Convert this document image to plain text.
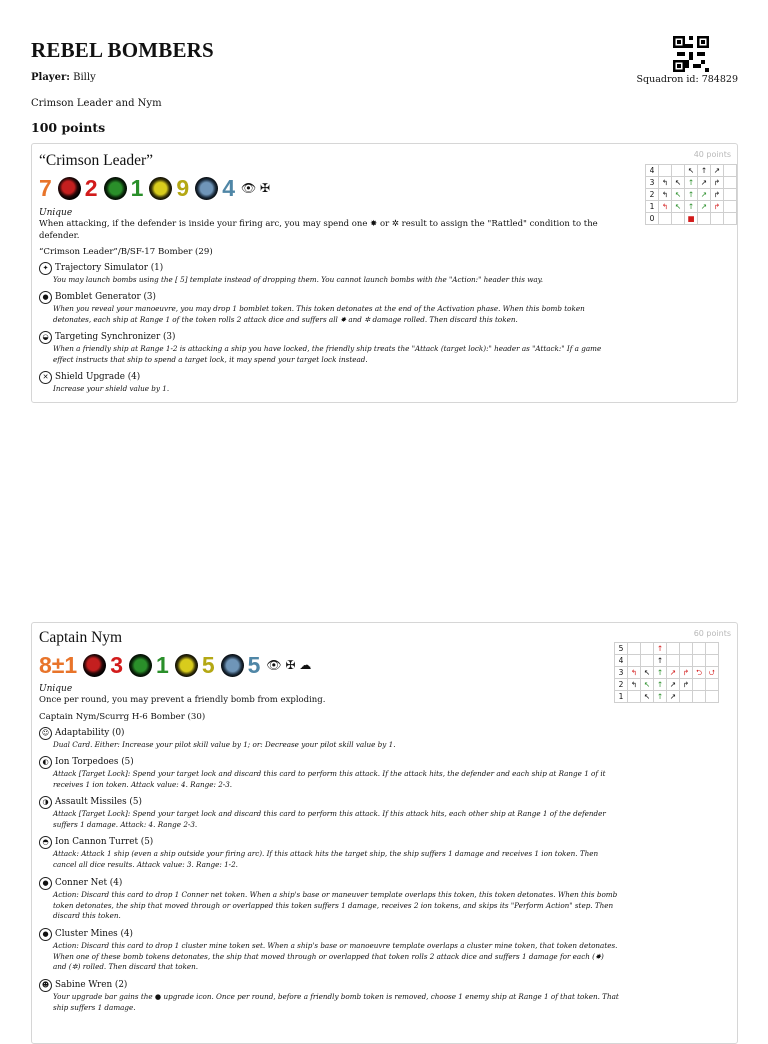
REBEL BOMBERS
Player: Billy
Crimson Leader and Nym
100 points
Squadron id: 784829
40 points
“Crimson Leader”
7 2 1 9 4 👁 ✠
Unique
When attacking, if the defender is inside your firing arc, you may spend one ✸ or ✲ result to assign the "Rattled" condition to the defender.
“Crimson Leader”/B/SF-17 Bomber (29)
✦ Trajectory Simulator (1)
You may launch bombs using the [ 5] template instead of dropping them. You cannot launch bombs with the "Action:" header this way.
● Bomblet Generator (3)
When you reveal your manoeuvre, you may drop 1 bomblet token. This token detonates at the end of the Activation phase. When this bomb token detonates, each ship at Range 1 of the token rolls 2 attack dice and suffers all ✸ and ✲ damage rolled. Then discard this token.
◒ Targeting Synchronizer (3)
When a friendly ship at Range 1-2 is attacking a ship you have locked, the friendly ship treats the "Attack (target lock):" header as "Attack:" If a game effect instructs that ship to spend a target lock, it may spend your target lock instead.
✕ Shield Upgrade (4)
Increase your shield value by 1.
4			↖	↑	↗	
3	↰	↖	↑	↗	↱	
2	↰	↖	↑	↗	↱	
1	↰	↖	↑	↗	↱	
0			■			
60 points
Captain Nym
8±1 3 1 5 5 👁 ✠ ☁
Unique
Once per round, you may prevent a friendly bomb from exploding.
Captain Nym/Scurrg H-6 Bomber (30)
☺ Adaptability (0)
Dual Card. Either: Increase your pilot skill value by 1; or: Decrease your pilot skill value by 1.
◐ Ion Torpedoes (5)
Attack [Target Lock]: Spend your target lock and discard this card to perform this attack. If the attack hits, the defender and each ship at Range 1 of it receives 1 ion token. Attack value: 4. Range: 2-3.
◑ Assault Missiles (5)
Attack [Target Lock]: Spend your target lock and discard this card to perform this attack. If this attack hits, each other ship at Range 1 of the defender suffers 1 damage. Attack: 4. Range 2-3.
◓ Ion Cannon Turret (5)
Attack: Attack 1 ship (even a ship outside your firing arc). If this attack hits the target ship, the ship suffers 1 damage and receives 1 ion token. Then cancel all dice results. Attack value: 3. Range: 1-2.
● Conner Net (4)
Action: Discard this card to drop 1 Conner net token. When a ship's base or maneuver template overlaps this token, this token detonates. When this bomb token detonates, the ship that moved through or overlapped this token suffers 1 damage, receives 2 ion tokens, and skips its "Perform Action" step. Then discard this token.
● Cluster Mines (4)
Action: Discard this card to drop 1 cluster mine token set. When a ship's base or manoeuvre template overlaps a cluster mine token, that token detonates. When one of these bomb tokens detonates, the ship that moved through or overlapped that token rolls 2 attack dice and suffers 1 damage for each (✸) and (✲) rolled. Then discard that token.
☻ Sabine Wren (2)
Your upgrade bar gains the ● upgrade icon. Once per round, before a friendly bomb token is removed, choose 1 enemy ship at Range 1 of that token. That ship suffers 1 damage.
5			↑				
4			↑				
3	↰	↖	↑	↗	↱	⮌	⮍
2	↰	↖	↑	↗	↱		
1		↖	↑	↗			
